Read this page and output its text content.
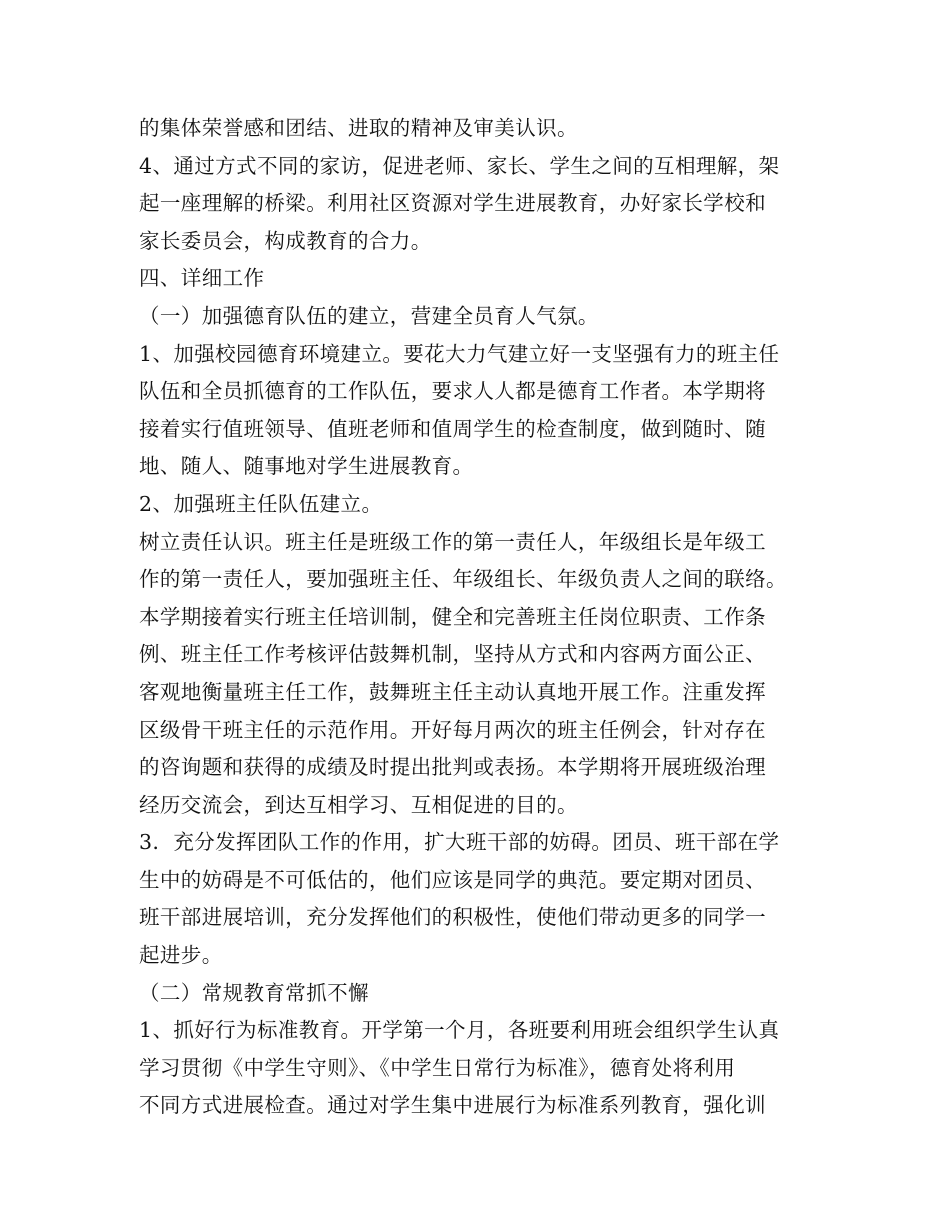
的集体荣誉感和团结、进取的精神及审美认识。
4、通过方式不同的家访，促进老师、家长、学生之间的互相理解，架
起一座理解的桥梁。利用社区资源对学生进展教育，办好家长学校和
家长委员会，构成教育的合力。
四、详细工作
（一）加强德育队伍的建立，营建全员育人气氛。
1、加强校园德育环境建立。要花大力气建立好一支坚强有力的班主任
队伍和全员抓德育的工作队伍，要求人人都是德育工作者。本学期将
接着实行值班领导、值班老师和值周学生的检查制度，做到随时、随
地、随人、随事地对学生进展教育。
2、加强班主任队伍建立。
树立责任认识。班主任是班级工作的第一责任人，年级组长是年级工
作的第一责任人，要加强班主任、年级组长、年级负责人之间的联络。
本学期接着实行班主任培训制，健全和完善班主任岗位职责、工作条
例、班主任工作考核评估鼓舞机制，坚持从方式和内容两方面公正、
客观地衡量班主任工作，鼓舞班主任主动认真地开展工作。注重发挥
区级骨干班主任的示范作用。开好每月两次的班主任例会，针对存在
的咨询题和获得的成绩及时提出批判或表扬。本学期将开展班级治理
经历交流会，到达互相学习、互相促进的目的。
3．充分发挥团队工作的作用，扩大班干部的妨碍。团员、班干部在学
生中的妨碍是不可低估的，他们应该是同学的典范。要定期对团员、
班干部进展培训，充分发挥他们的积极性，使他们带动更多的同学一
起进步。
（二）常规教育常抓不懈
1、抓好行为标准教育。开学第一个月，各班要利用班会组织学生认真
学习贯彻《中学生守则》、《中学生日常行为标准》，德育处将利用
不同方式进展检查。通过对学生集中进展行为标准系列教育，强化训
